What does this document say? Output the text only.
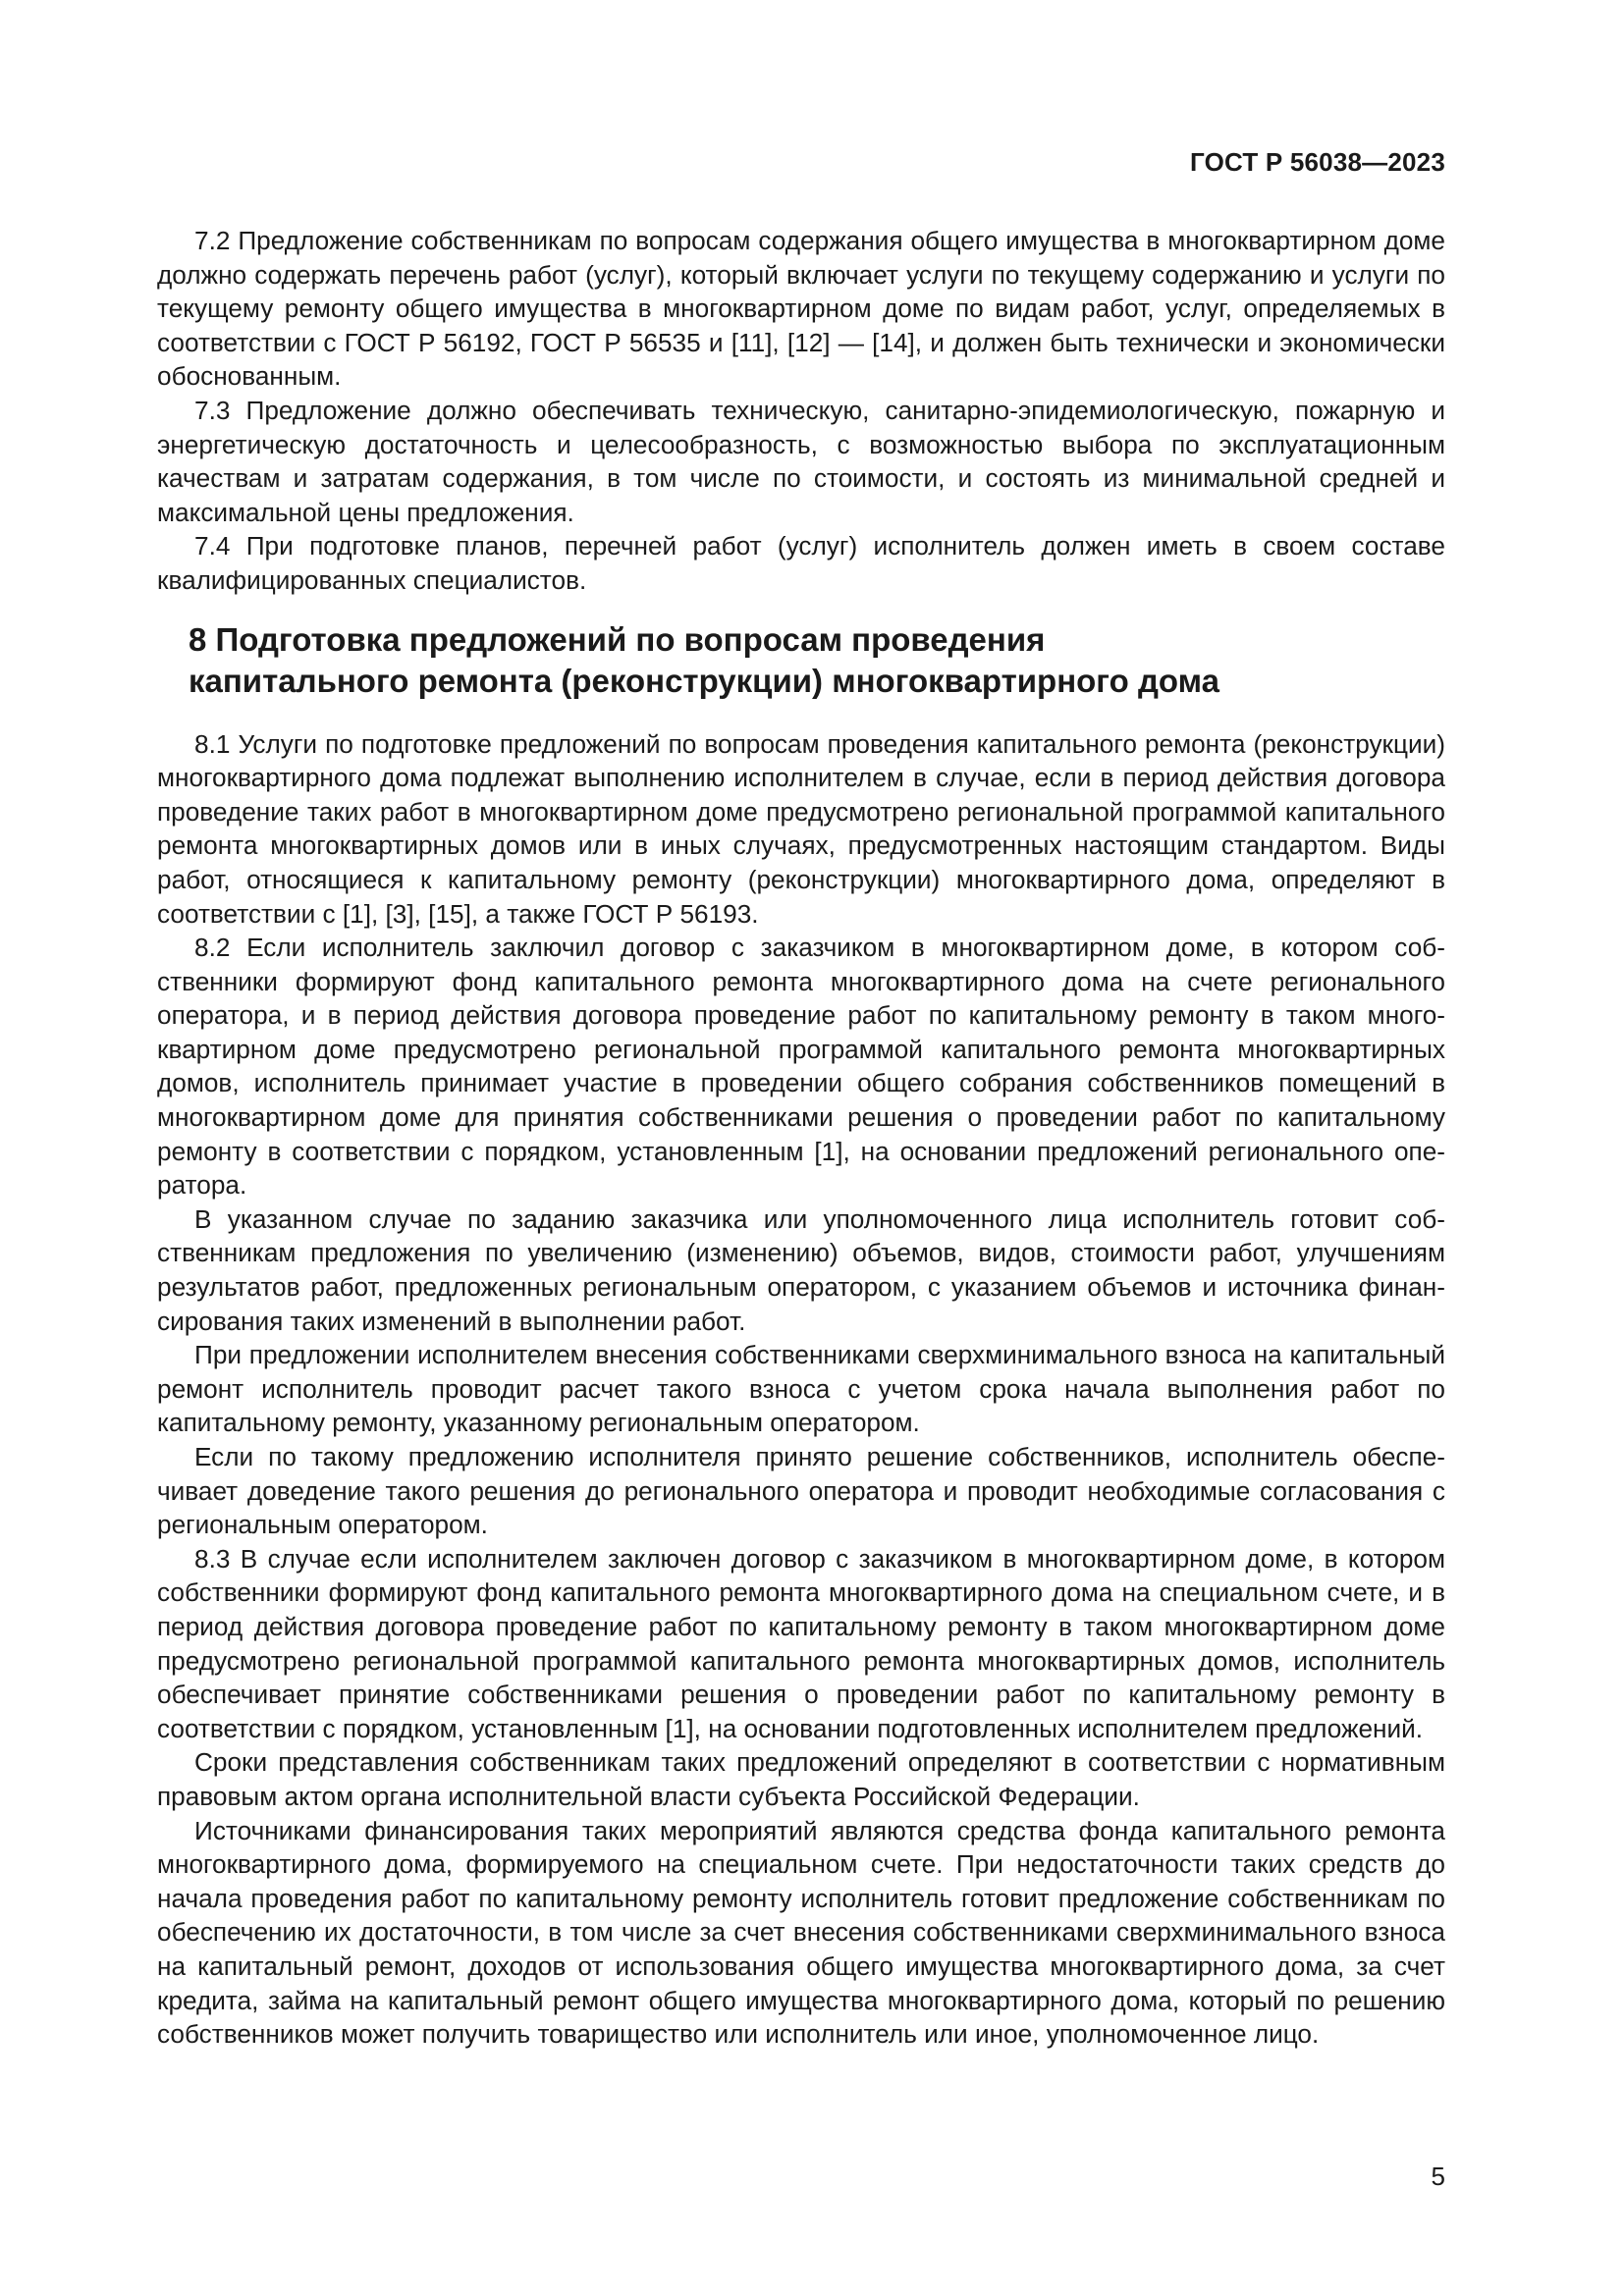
ГОСТ Р 56038—2023

7.2 Предложение собственникам по вопросам содержания общего имущества в многоквартирном доме должно содержать перечень работ (услуг), который включает услуги по текущему содержанию и услуги по текущему ремонту общего имущества в многоквартирном доме по видам работ, услуг, определяемых в соответствии с ГОСТ Р 56192, ГОСТ Р 56535 и [11], [12] — [14], и должен быть технически и экономически обоснованным.

7.3 Предложение должно обеспечивать техническую, санитарно-эпидемиологическую, пожарную и энергетическую достаточность и целесообразность, с возможностью выбора по эксплуатационным качествам и затратам содержания, в том числе по стоимости, и состоять из минимальной средней и максимальной цены предложения.

7.4 При подготовке планов, перечней работ (услуг) исполнитель должен иметь в своем составе квалифицированных специалистов.

8 Подготовка предложений по вопросам проведения
капитального ремонта (реконструкции) многоквартирного дома

8.1 Услуги по подготовке предложений по вопросам проведения капитального ремонта (реконструкции) многоквартирного дома подлежат выполнению исполнителем в случае, если в период действия договора проведение таких работ в многоквартирном доме предусмотрено региональной программой капитального ремонта многоквартирных домов или в иных случаях, предусмотренных настоящим стандартом. Виды работ, относящиеся к капитальному ремонту (реконструкции) многоквартирного дома, определяют в соответствии с [1], [3], [15], а также ГОСТ Р 56193.

8.2 Если исполнитель заключил договор с заказчиком в многоквартирном доме, в котором собственники формируют фонд капитального ремонта многоквартирного дома на счете регионального оператора, и в период действия договора проведение работ по капитальному ремонту в таком многоквартирном доме предусмотрено региональной программой капитального ремонта многоквартирных домов, исполнитель принимает участие в проведении общего собрания собственников помещений в многоквартирном доме для принятия собственниками решения о проведении работ по капитальному ремонту в соответствии с порядком, установленным [1], на основании предложений регионального оператора.

В указанном случае по заданию заказчика или уполномоченного лица исполнитель готовит собственникам предложения по увеличению (изменению) объемов, видов, стоимости работ, улучшениям результатов работ, предложенных региональным оператором, с указанием объемов и источника финансирования таких изменений в выполнении работ.

При предложении исполнителем внесения собственниками сверхминимального взноса на капитальный ремонт исполнитель проводит расчет такого взноса с учетом срока начала выполнения работ по капитальному ремонту, указанному региональным оператором.

Если по такому предложению исполнителя принято решение собственников, исполнитель обеспечивает доведение такого решения до регионального оператора и проводит необходимые согласования с региональным оператором.

8.3 В случае если исполнителем заключен договор с заказчиком в многоквартирном доме, в котором собственники формируют фонд капитального ремонта многоквартирного дома на специальном счете, и в период действия договора проведение работ по капитальному ремонту в таком многоквартирном доме предусмотрено региональной программой капитального ремонта многоквартирных домов, исполнитель обеспечивает принятие собственниками решения о проведении работ по капитальному ремонту в соответствии с порядком, установленным [1], на основании подготовленных исполнителем предложений.

Сроки представления собственникам таких предложений определяют в соответствии с нормативным правовым актом органа исполнительной власти субъекта Российской Федерации.

Источниками финансирования таких мероприятий являются средства фонда капитального ремонта многоквартирного дома, формируемого на специальном счете. При недостаточности таких средств до начала проведения работ по капитальному ремонту исполнитель готовит предложение собственникам по обеспечению их достаточности, в том числе за счет внесения собственниками сверхминимального взноса на капитальный ремонт, доходов от использования общего имущества многоквартирного дома, за счет кредита, займа на капитальный ремонт общего имущества многоквартирного дома, который по решению собственников может получить товарищество или исполнитель или иное, уполномоченное лицо.

5
